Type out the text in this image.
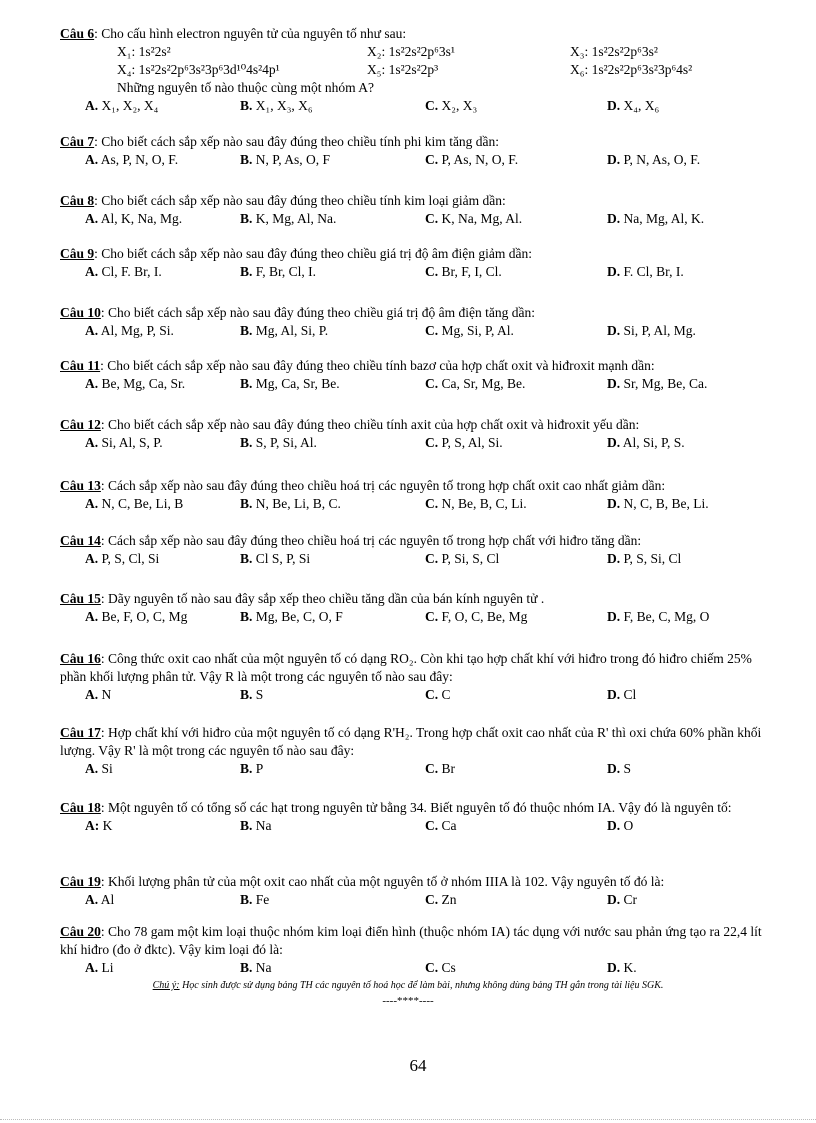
Câu 6: Cho cấu hình electron nguyên tử của nguyên tố như sau:
X₁: 1s²2s²	X₂: 1s²2s²2p⁶3s¹	X₃: 1s²2s²2p⁶3s²
X₄: 1s²2s²2p⁶3s²3p⁶3d¹⁰4s²4p¹	X₅: 1s²2s²2p³	X₆: 1s²2s²2p⁶3s²3p⁶4s²
Những nguyên tố nào thuộc cùng một nhóm A?
A. X₁, X₂, X₄	B. X₁, X₃, X₆	C. X₂, X₃	D. X₄, X₆
Câu 7: Cho biết cách sắp xếp nào sau đây đúng theo chiều tính phi kim tăng dần:
A. As, P, N, O, F.	B. N, P, As, O, F	C. P, As, N, O, F.	D. P, N, As, O, F.
Câu 8: Cho biết cách sắp xếp nào sau đây đúng theo chiều tính kim loại giảm dần:
A. Al, K, Na, Mg.	B. K, Mg, Al, Na.	C. K, Na, Mg, Al.	D. Na, Mg, Al, K.
Câu 9: Cho biết cách sắp xếp nào sau đây đúng theo chiều giá trị độ âm điện giảm dần:
A. Cl, F. Br, I.	B. F, Br, Cl, I.	C. Br, F, I, Cl.	D. F. Cl, Br, I.
Câu 10: Cho biết cách sắp xếp nào sau đây đúng theo chiều giá trị độ âm điện tăng dần:
A. Al, Mg, P, Si.	B. Mg, Al, Si, P.	C. Mg, Si, P, Al.	D. Si, P, Al, Mg.
Câu 11: Cho biết cách sắp xếp nào sau đây đúng theo chiều tính bazơ của hợp chất oxit và hiđroxit mạnh dần:
A. Be, Mg, Ca, Sr.	B. Mg, Ca, Sr, Be.	C. Ca, Sr, Mg, Be.	D. Sr, Mg, Be, Ca.
Câu 12: Cho biết cách sắp xếp nào sau đây đúng theo chiều tính axit của hợp chất oxit và hiđroxit yếu dần:
A. Si, Al, S, P.	B. S, P, Si, Al.	C. P, S, Al, Si.	D. Al, Si, P, S.
Câu 13: Cách sắp xếp nào sau đây đúng theo chiều hoá trị các nguyên tố trong hợp chất oxit cao nhất giảm dần:
A. N, C, Be, Li, B	B. N, Be, Li, B, C.	C. N, Be, B, C, Li.	D. N, C, B, Be, Li.
Câu 14: Cách sắp xếp nào sau đây đúng theo chiều hoá trị các nguyên tố trong hợp chất với hiđro tăng dần:
A. P, S, Cl, Si	B. Cl S, P, Si	C. P, Si, S, Cl	D. P, S, Si, Cl
Câu 15: Dãy nguyên tố nào sau đây sắp xếp theo chiều tăng dần của bán kính nguyên tử .
A. Be, F, O, C, Mg	B. Mg, Be, C, O, F	C. F, O, C, Be, Mg	D. F, Be, C, Mg, O
Câu 16: Công thức oxit cao nhất của một nguyên tố có dạng RO₂. Còn khi tạo hợp chất khí với hiđro trong đó hiđro chiếm 25% phần khối lượng phân tử. Vậy R là một trong các nguyên tố nào sau đây:
A. N	B. S	C. C	D. Cl
Câu 17: Hợp chất khí với hiđro của một nguyên tố có dạng R'H₂. Trong hợp chất oxit cao nhất của R' thì oxi chứa 60% phần khối lượng. Vậy R' là một trong các nguyên tố nào sau đây:
A. Si	B. P	C. Br	D. S
Câu 18: Một nguyên tố có tổng số các hạt trong nguyên tử bằng 34. Biết nguyên tố đó thuộc nhóm IA. Vậy đó là nguyên tố:
A: K	B. Na	C. Ca	D. O
Câu 19: Khối lượng phân tử của một oxit cao nhất của một nguyên tố ở nhóm IIIA là 102. Vậy nguyên tố đó là:
A. Al	B. Fe	C. Zn	D. Cr
Câu 20: Cho 78 gam một kim loại thuộc nhóm kim loại điển hình (thuộc nhóm IA) tác dụng với nước sau phản ứng tạo ra 22,4 lít khí hiđro (đo ở đktc). Vậy kim loại đó là:
A. Li	B. Na	C. Cs	D. K.
Chú ý: Học sinh được sử dụng bảng TH các nguyên tố hoá học để làm bài, nhưng không dùng bảng TH gắn trong tài liệu SGK.
----****----
64
